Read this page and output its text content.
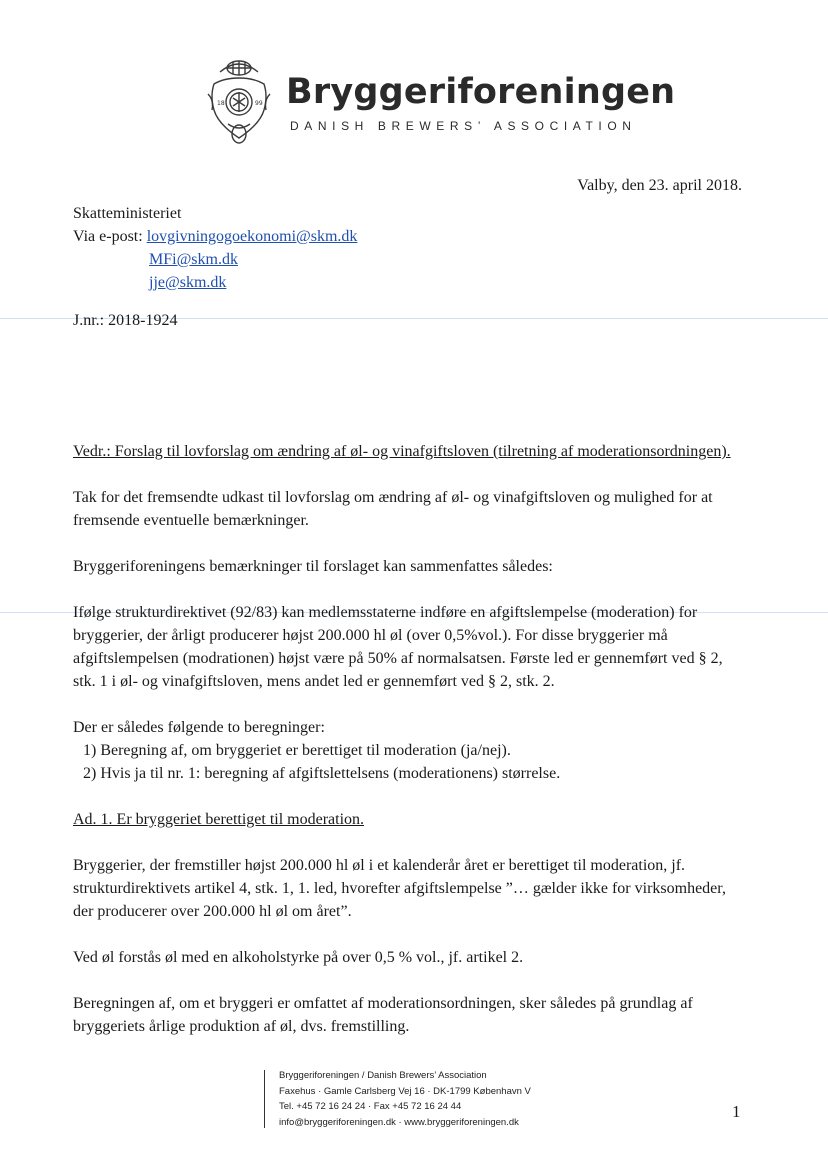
18	99 Bryggeriforeningen
DANISH BREWERS’ ASSOCIATION
Valby, den 23. april 2018.
Skatteministeriet
Via e-post: lovgivningogoekonomi@skm.dk
MFi@skm.dk
jje@skm.dk
J.nr.: 2018-1924

Vedr.: Forslag til lovforslag om ændring af øl- og vinafgiftsloven (tilretning af moderationsordningen).

Tak for det fremsendte udkast til lovforslag om ændring af øl- og vinafgiftsloven og mulighed for at fremsende eventuelle bemærkninger.

Bryggeriforeningens bemærkninger til forslaget kan sammenfattes således:

Ifølge strukturdirektivet (92/83) kan medlemsstaterne indføre en afgiftslempelse (moderation) for bryggerier, der årligt producerer højst 200.000 hl øl (over 0,5%vol.). For disse bryggerier må afgiftslempelsen (modrationen) højst være på 50% af normalsatsen. Første led er gennemført ved § 2, stk. 1 i øl- og vinafgiftsloven, mens andet led er gennemført ved § 2, stk. 2.

Der er således følgende to beregninger:
1) Beregning af, om bryggeriet er berettiget til moderation (ja/nej).
2) Hvis ja til nr. 1: beregning af afgiftslettelsens (moderationens) størrelse.

Ad. 1. Er bryggeriet berettiget til moderation.

Bryggerier, der fremstiller højst 200.000 hl øl i et kalenderår året er berettiget til moderation, jf. strukturdirektivets artikel 4, stk. 1, 1. led, hvorefter afgiftslempelse ”… gælder ikke for virksomheder, der producerer over 200.000 hl øl om året”.

Ved øl forstås øl med en alkoholstyrke på over 0,5 % vol., jf. artikel 2.

Beregningen af, om et bryggeri er omfattet af moderationsordningen, sker således på grundlag af bryggeriets årlige produktion af øl, dvs. fremstilling.

Bryggeriforeningen / Danish Brewers’ Association
Faxehus · Gamle Carlsberg Vej 16 · DK-1799 København V
Tel. +45 72 16 24 24 · Fax +45 72 16 24 44
info@bryggeriforeningen.dk · www.bryggeriforeningen.dk
1
